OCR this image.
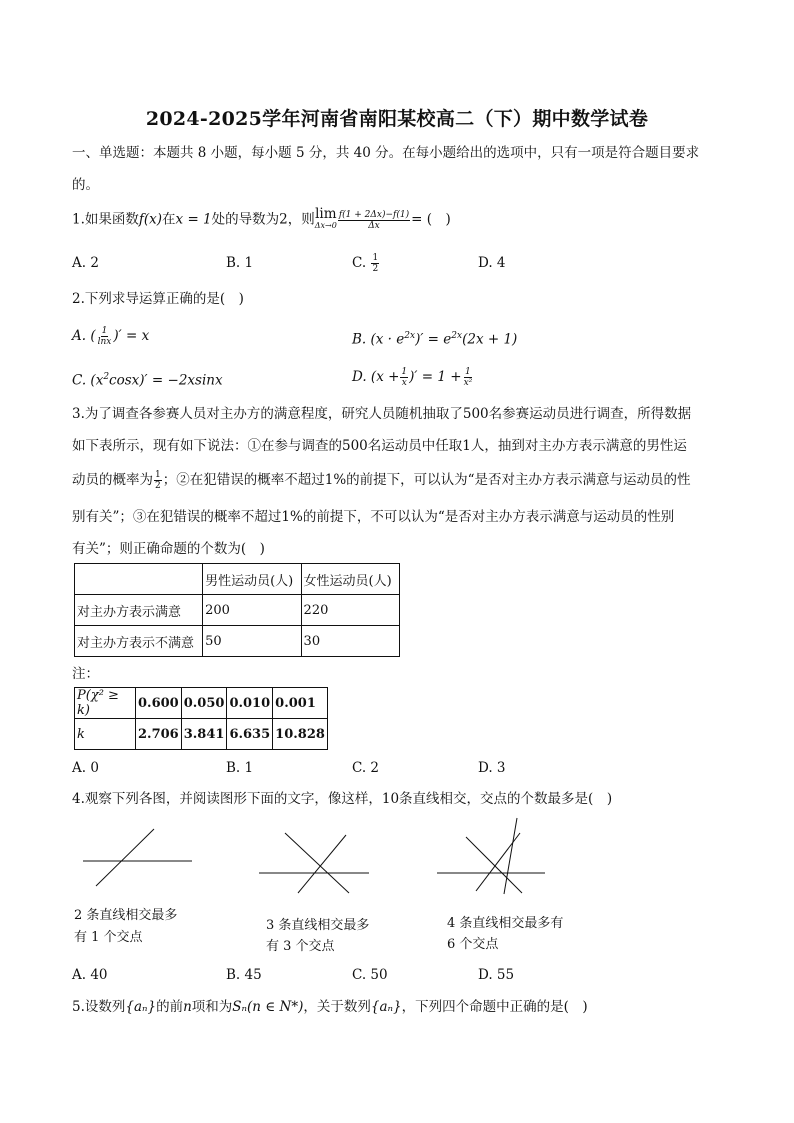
2024-2025学年河南省南阳某校高二（下）期中数学试卷
一、单选题：本题共 8 小题，每小题 5 分，共 40 分。在每小题给出的选项中，只有一项是符合题目要求
的。
1.如果函数f(x)在x = 1处的导数为2，则 lim
$\Delta x\to 0 \frac{f(1 + 2\Delta x)-f(1)}{\Delta x}$ = (　)
A. 2	B. 1	C. $\frac{1}{2}$	D. 4
2.下列求导运算正确的是(　)
A. ( $\frac{1}{\ln x}$ )′ = x	B. $(x \cdot e^{2x})' = e^{2x}(2x + 1)$
C. $(x^2\cos x)' = -2xsinx$	D. ($x + \frac{1}{x}$ )′ = $1 + \frac{1}{\text{x²}}$
3.为了调查各参赛人员对主办方的满意程度，研究人员随机抽取了500名参赛运动员进行调查，所得数据
如下表所示，现有如下说法：①在参与调查的500名运动员中任取1人，抽到对主办方表示满意的男性运
动员的概率为 $\frac{1}{2}$ ；②在犯错误的概率不超过1%的前提下，可以认为“是否对主办方表示满意与运动员的性
别有关”；③在犯错误的概率不超过1%的前提下，不可以认为“是否对主办方表示满意与运动员的性别
有关”；则正确命题的个数为(　)
	男性运动员(人)	女性运动员(人)
对主办方表示满意	200	220
对主办方表示不满意	50	30
注：
P(χ² ≥ k)	0.600	0.050	0.010	0.001
k	2.706	3.841	6.635	10.828
A. 0	B. 1	C. 2	D. 3
4.观察下列各图，并阅读图形下面的文字，像这样，10条直线相交，交点的个数最多是(　)
2 条直线相交最多
有 1 个交点
3 条直线相交最多
有 3 个交点
4 条直线相交最多有
6 个交点
A. 40	B. 45	C. 50	D. 55
5.设数列{aₙ}的前n项和为Sₙ(n ∈ N*)，关于数列{aₙ}，下列四个命题中正确的是(　)
